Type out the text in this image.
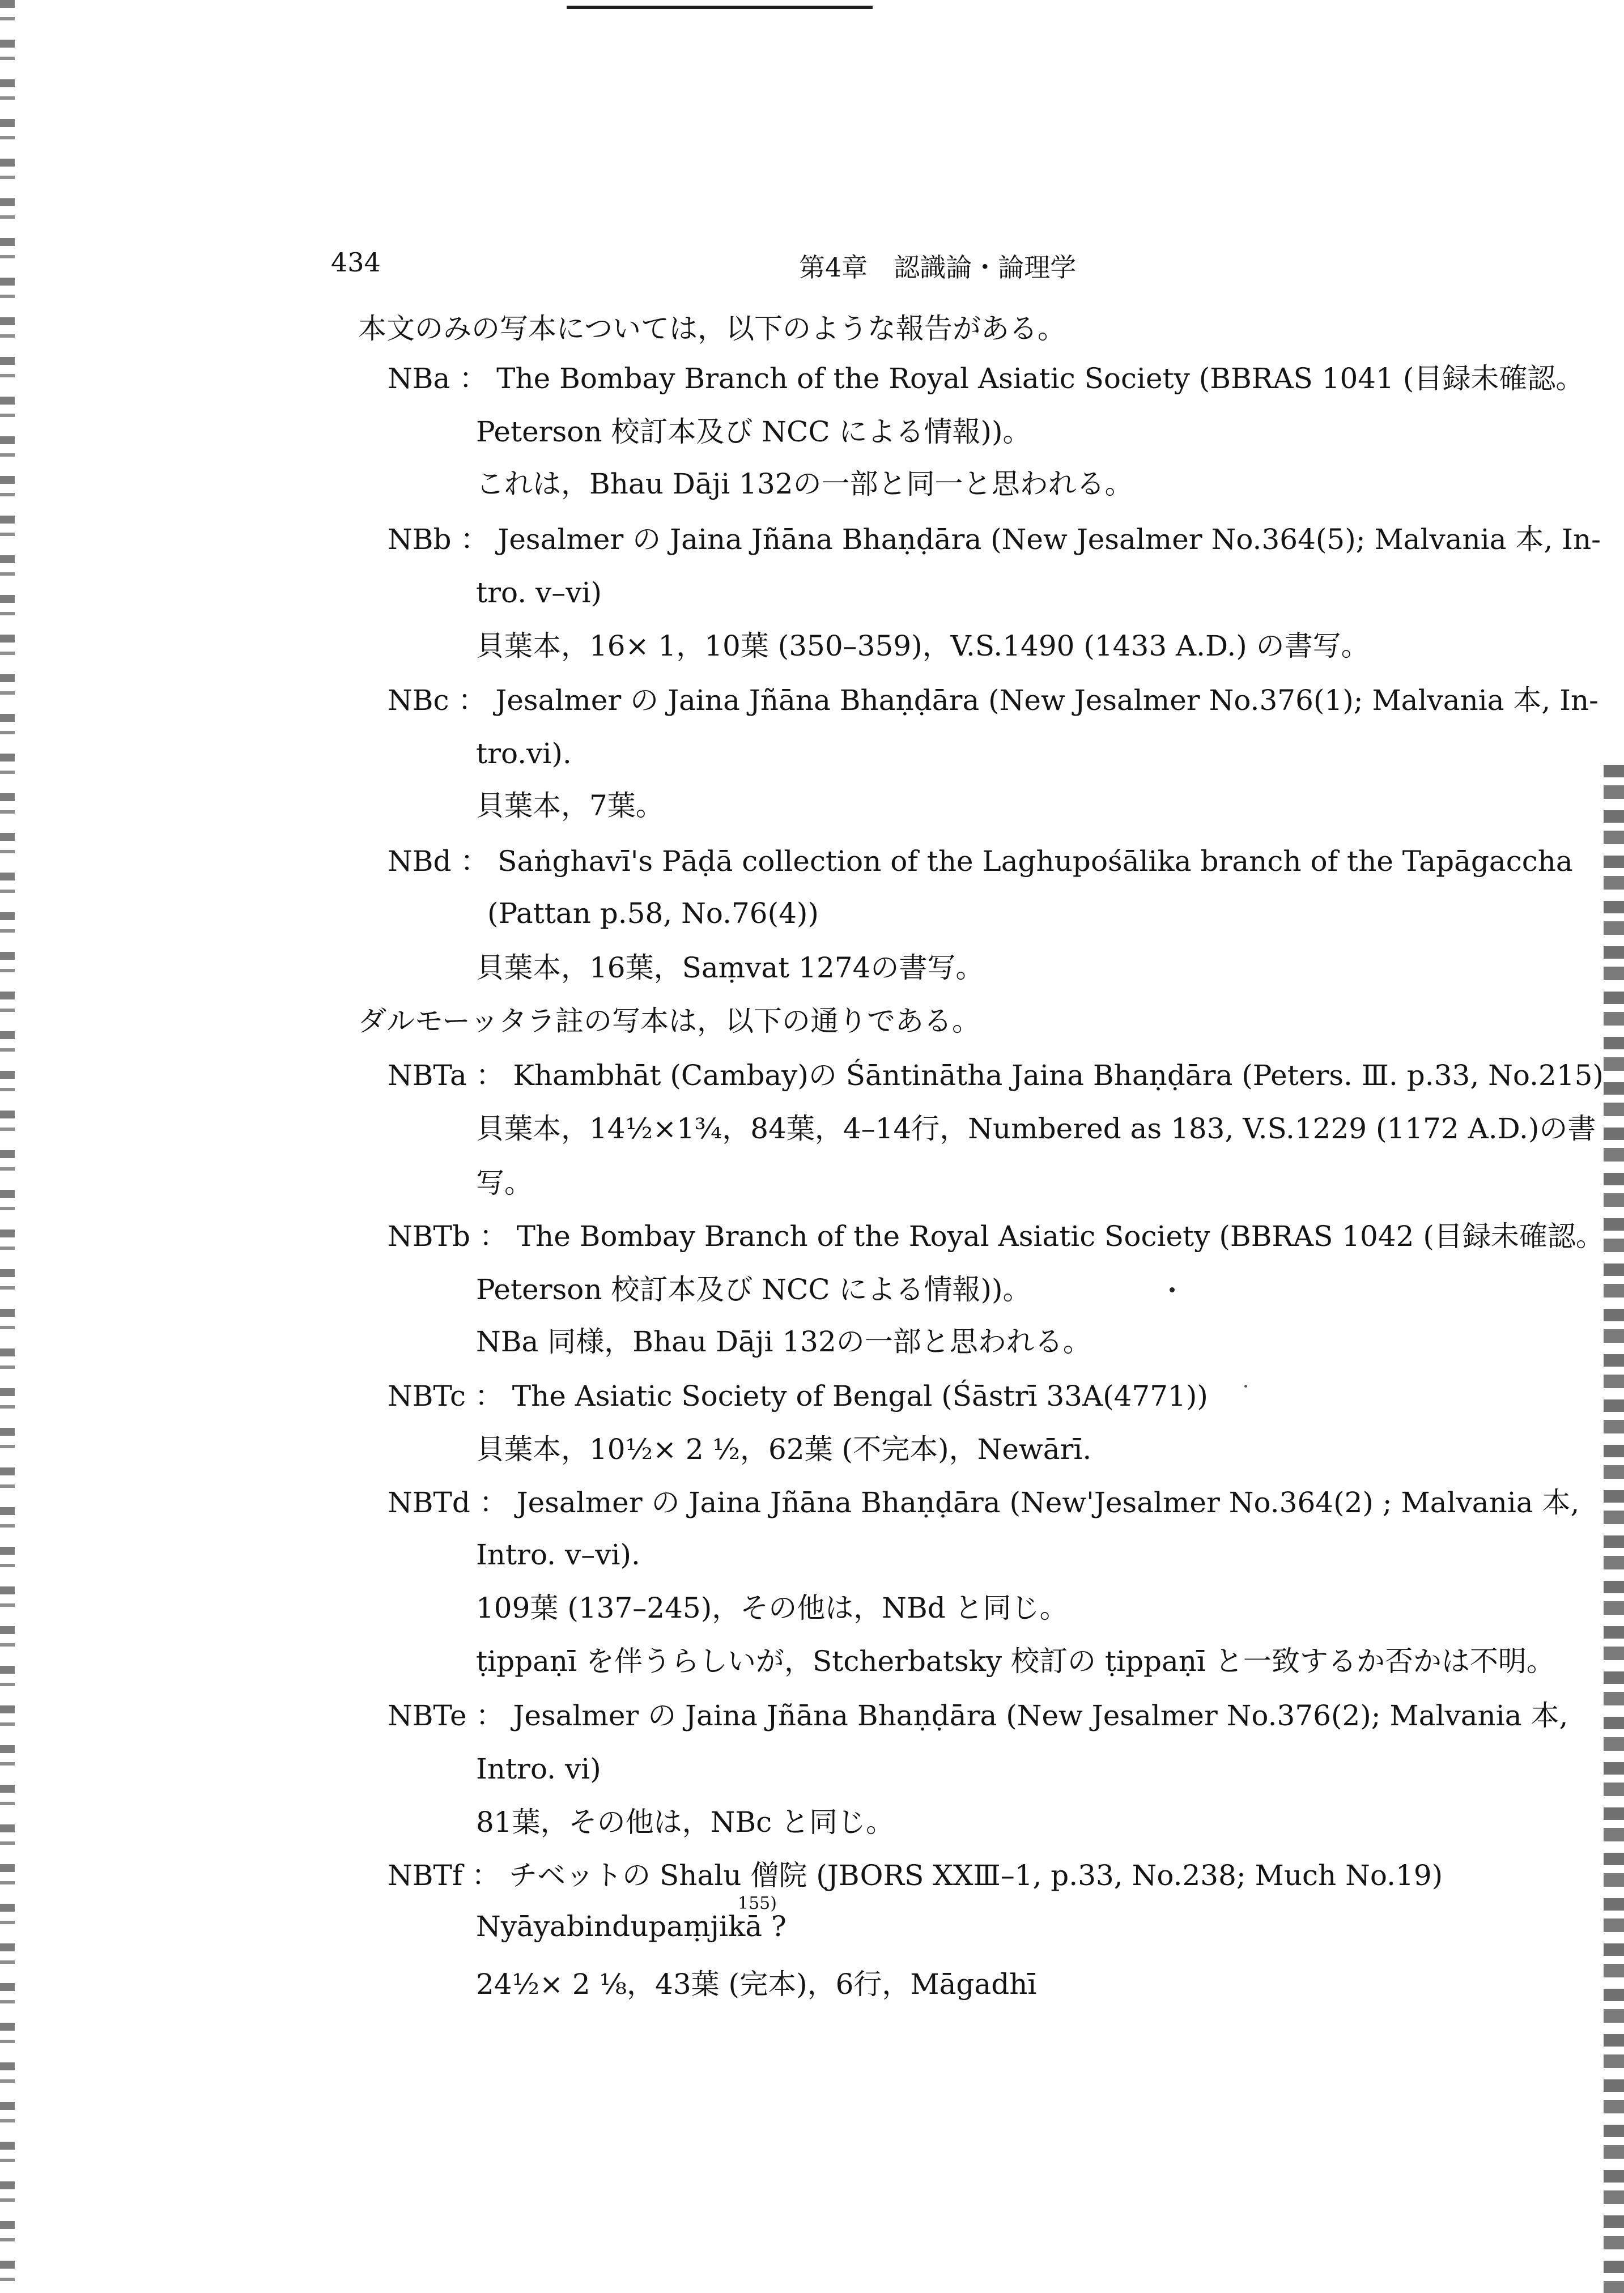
434	第4章　認識論・論理学
本文のみの写本については，以下のような報告がある。
NBa ： The Bombay Branch of the Royal Asiatic Society (BBRAS 1041 (目録未確認。
Peterson 校訂本及び NCC による情報))。
これは，Bhau Dāji 132の一部と同一と思われる。
NBb ： Jesalmer の Jaina Jñāna Bhaṇḍāra (New Jesalmer No.364(5); Malvania 本, In-
tro. v–vi)
貝葉本，16× 1，10葉 (350–359)，V.S.1490 (1433 A.D.) の書写。
NBc ： Jesalmer の Jaina Jñāna Bhaṇḍāra (New Jesalmer No.376(1); Malvania 本, In-
tro.vi).
貝葉本，7葉。
NBd ： Saṅghavī's Pāḍā collection of the Laghupośālika branch of the Tapāgaccha
(Pattan p.58, No.76(4))
貝葉本，16葉，Saṃvat 1274の書写。
ダルモーッタラ註の写本は，以下の通りである。
NBTa ： Khambhāt (Cambay)の Śāntinātha Jaina Bhaṇḍāra (Peters. Ⅲ. p.33, No.215)
貝葉本，14½×1¾，84葉，4–14行，Numbered as 183, V.S.1229 (1172 A.D.)の書
写。
NBTb ： The Bombay Branch of the Royal Asiatic Society (BBRAS 1042 (目録未確認。
Peterson 校訂本及び NCC による情報))。
NBa 同様，Bhau Dāji 132の一部と思われる。
NBTc ： The Asiatic Society of Bengal (Śāstrī 33A(4771))
貝葉本，10½× 2 ½，62葉 (不完本)，Newārī.
NBTd ： Jesalmer の Jaina Jñāna Bhaṇḍāra (New'Jesalmer No.364(2) ; Malvania 本,
Intro. v–vi).
109葉 (137–245)，その他は，NBd と同じ。
ṭippaṇī を伴うらしいが，Stcherbatsky 校訂の ṭippaṇī と一致するか否かは不明。
NBTe ： Jesalmer の Jaina Jñāna Bhaṇḍāra (New Jesalmer No.376(2); Malvania 本,
Intro. vi)
81葉，その他は，NBc と同じ。
NBTf ： チベットの Shalu 僧院 (JBORS XXⅢ–1, p.33, No.238; Much No.19)
155)
Nyāyabindupaṃjikā ?
24½× 2 ⅛，43葉 (完本)，6行，Māgadhī
